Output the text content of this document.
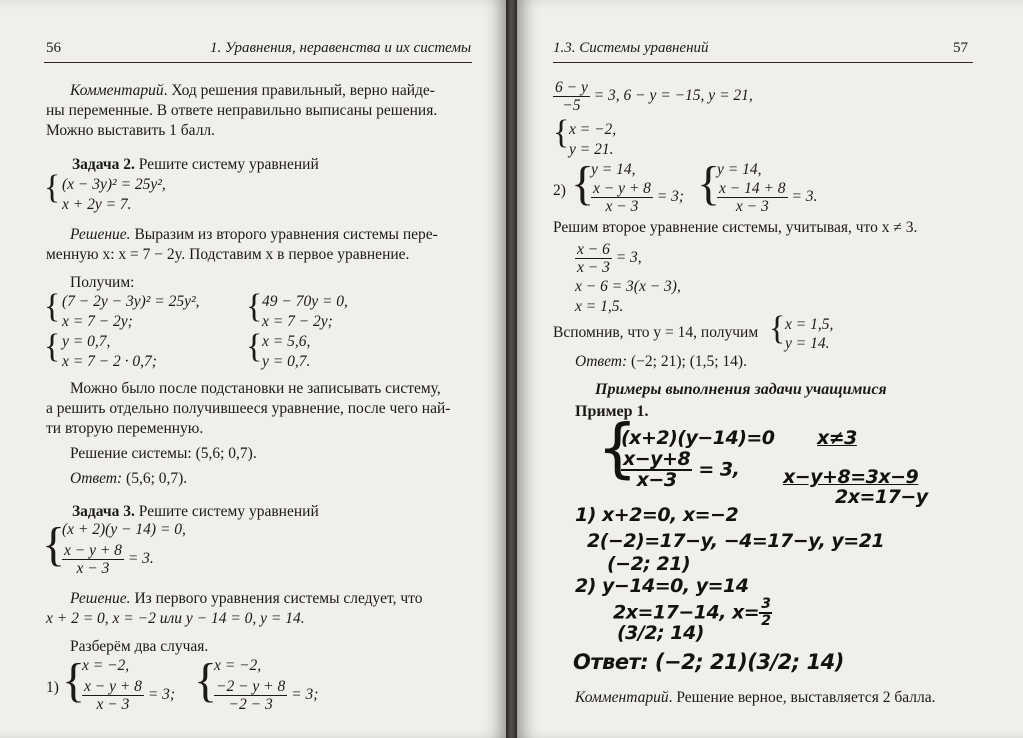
56	1. Уравнения, неравенства и их системы
Комментарий. Ход решения правильный, верно найде-
ны переменные. В ответе неправильно выписаны решения.
Можно выставить 1 балл.
Задача 2. Решите систему уравнений
{ (x − 3y)² = 25y²,
x + 2y = 7.
Решение. Выразим из второго уравнения системы пере-
менную x: x = 7 − 2y. Подставим x в первое уравнение.
Получим:
{ (7 − 2y − 3y)² = 25y²,
x = 7 − 2y;	{ 49 − 70y = 0,
x = 7 − 2y;
{ y = 0,7,
x = 7 − 2 · 0,7;	{ x = 5,6,
y = 0,7.
Можно было после подстановки не записывать систему,
а решить отдельно получившееся уравнение, после чего най-
ти вторую переменную.
Решение системы: (5,6; 0,7).
Ответ: (5,6; 0,7).
Задача 3. Решите систему уравнений
{
(x + 2)(y − 14) = 0,
$\frac{x - y + 8}{x - 3} = 3$.
Решение. Из первого уравнения системы следует, что
x + 2 = 0, x = −2 или y − 14 = 0, y = 14.
Разберём два случая.
1) {
x = −2,
$\frac{x - y + 8}{x - 3} = 3$; {
x = −2,
$\frac{-2 - y + 8}{-2 - 3} = 3$;
1.3. Системы уравнений	57
$\frac{6 - y}{-5} = 3$, 6 − y = −15, y = 21,
{ x = −2,
y = 21.
2) {
y = 14,
$\frac{x - y + 8}{x - 3} = 3$; {
y = 14,
$\frac{x - 14 + 8}{x - 3} = 3$.
Решим второе уравнение системы, учитывая, что x ≠ 3.
$\frac{x - 6}{x - 3} = 3$,
x − 6 = 3(x − 3),
x = 1,5.
Вспомнив, что y = 14, получим { x = 1,5,
y = 14.
Ответ: (−2; 21); (1,5; 14).
Примеры выполнения задачи учащимися
Пример 1.
{
(x+2)(y−14)=0 x≠3
$\frac{x-y+8}{x-3} = 3$, x−y+8=3x−9
2x=17−y
1) x+2=0, x=−2
2(−2)=17−y, −4=17−y, y=21
(−2; 21)
2) y−14=0, y=14
2x=17−14, $x= \frac{3}{2}$
(3/2; 14)
Ответ: (−2; 21)(3/2; 14)
Комментарий. Решение верное, выставляется 2 балла.
